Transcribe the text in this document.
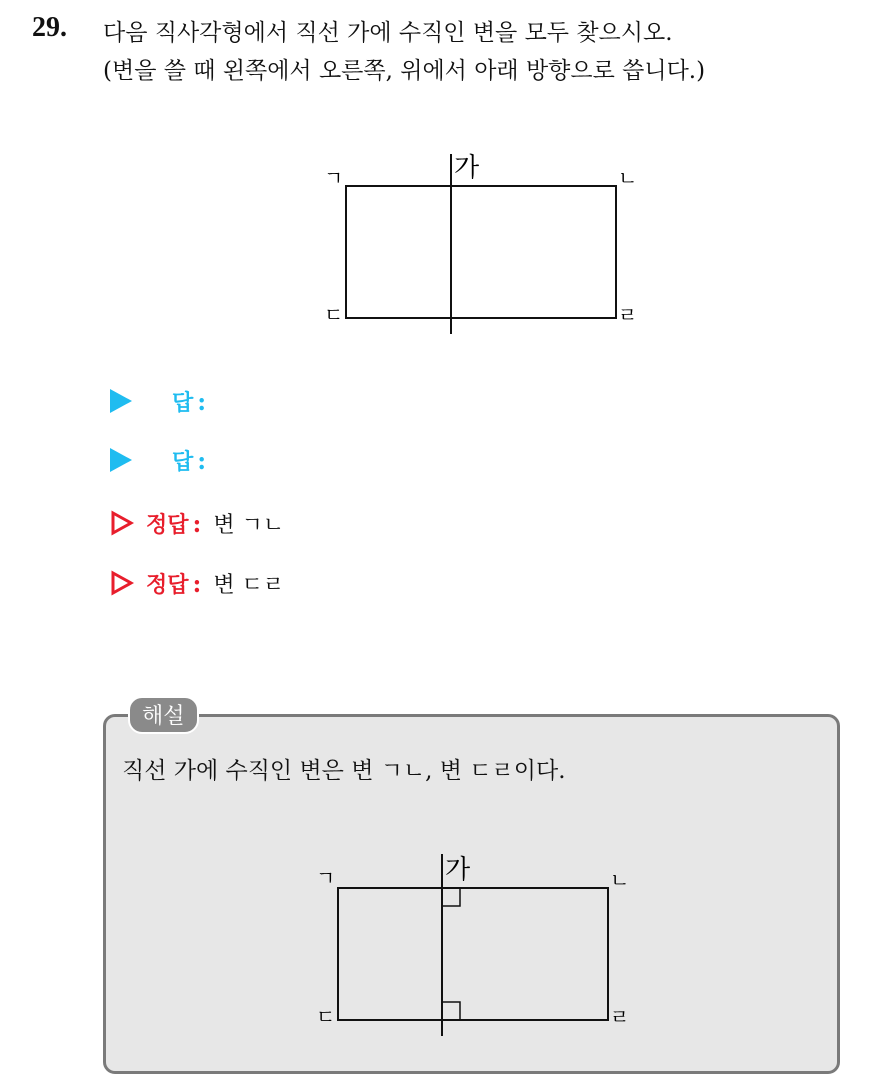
29. 다음 직사각형에서 직선 가에 수직인 변을 모두 찾으시오.
(변을 쓸 때 왼쪽에서 오른쪽, 위에서 아래 방향으로 씁니다.)
가
ㄱ	ㄴ
ㄷ	ㄹ
답 :
답 :
정답 : 변 ㄱㄴ
정답 : 변 ㄷㄹ
해설
직선 가에 수직인 변은 변 ㄱㄴ, 변 ㄷㄹ이다.
가
ㄱ	ㄴ
ㄷ	ㄹ
